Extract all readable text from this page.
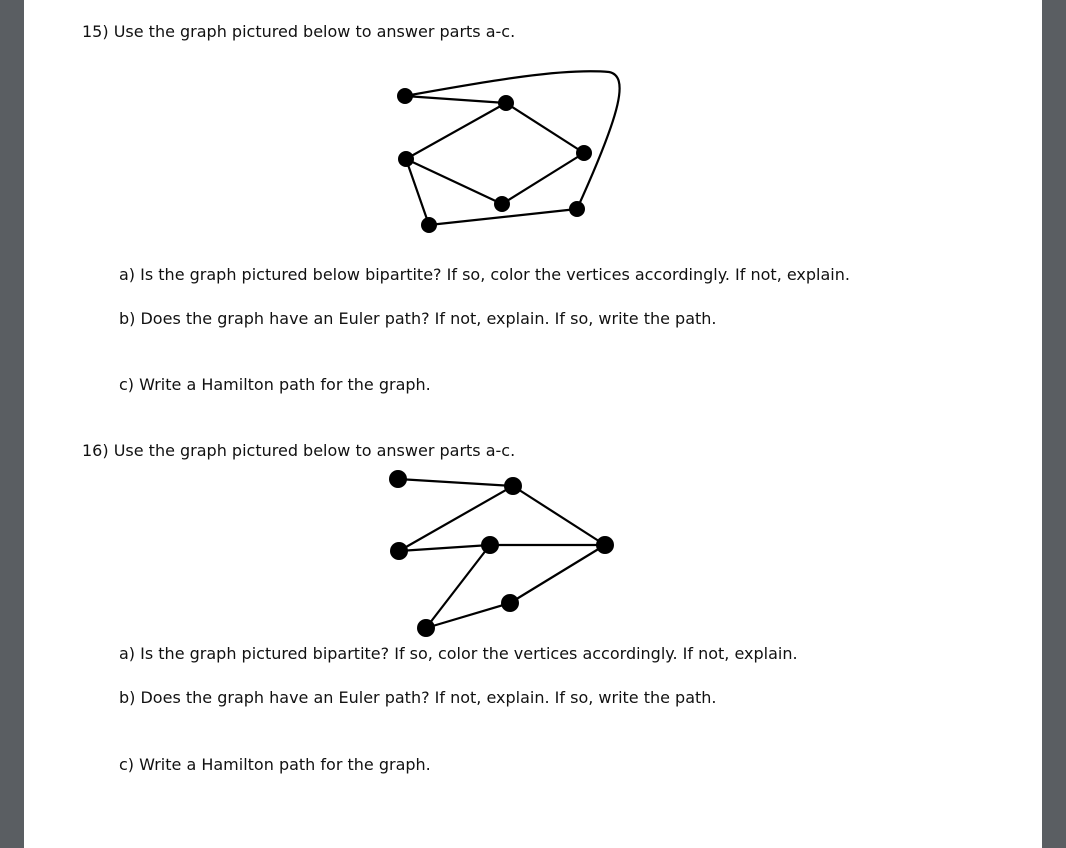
15) Use the graph pictured below to answer parts a-c.
a) Is the graph pictured below bipartite? If so, color the vertices accordingly. If not, explain.
b) Does the graph have an Euler path? If not, explain. If so, write the path.
c) Write a Hamilton path for the graph.
16) Use the graph pictured below to answer parts a-c.
a) Is the graph pictured bipartite? If so, color the vertices accordingly. If not, explain.
b) Does the graph have an Euler path? If not, explain. If so, write the path.
c) Write a Hamilton path for the graph.
